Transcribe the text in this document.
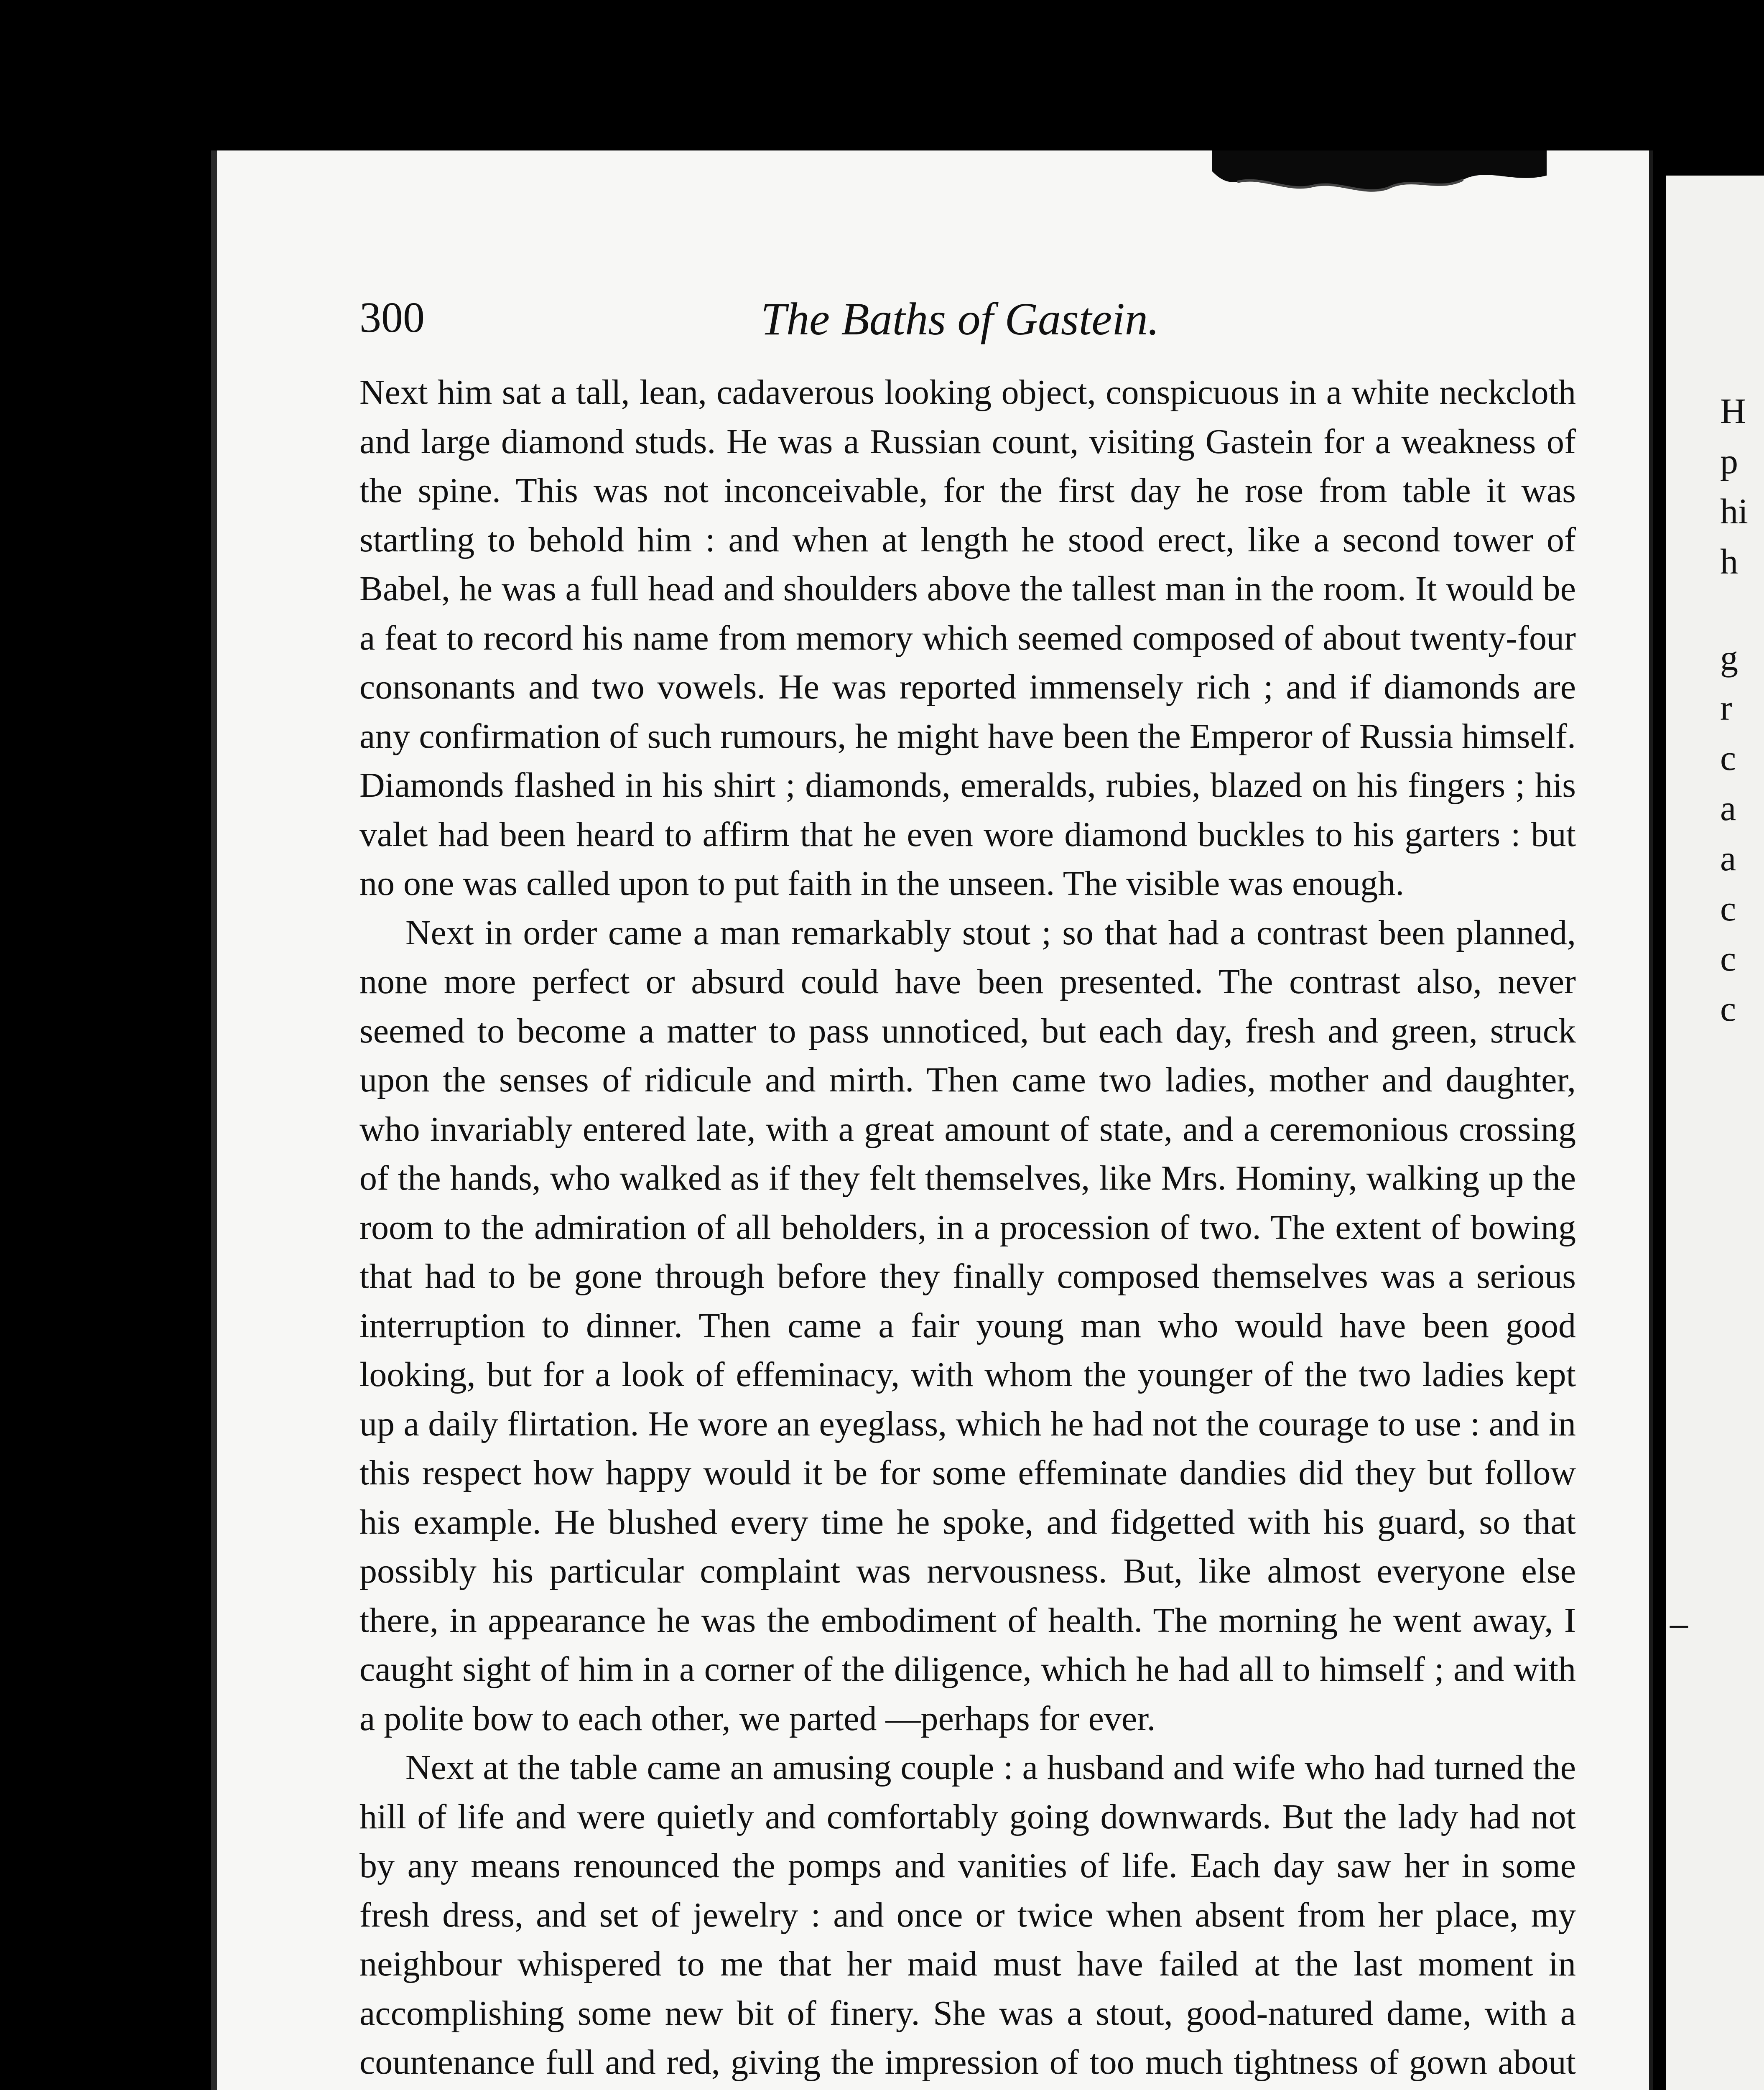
H
p
hi
h
g
r
c
a
a
c
c
c
–
300	The Baths of Gastein.

Next him sat a tall, lean, cadaverous looking object, conspicuous in a white neckcloth and large diamond studs. He was a Russian count, visiting Gastein for a weakness of the spine. This was not inconceivable, for the first day he rose from table it was startling to behold him : and when at length he stood erect, like a second tower of Babel, he was a full head and shoulders above the tallest man in the room. It would be a feat to record his name from memory which seemed composed of about twenty-four consonants and two vowels. He was reported immensely rich ; and if diamonds are any confirmation of such rumours, he might have been the Emperor of Russia himself. Diamonds flashed in his shirt ; diamonds, emeralds, rubies, blazed on his fingers ; his valet had been heard to affirm that he even wore diamond buckles to his garters : but no one was called upon to put faith in the unseen. The visible was enough.

Next in order came a man remarkably stout ; so that had a contrast been planned, none more perfect or absurd could have been presented. The contrast also, never seemed to become a matter to pass unnoticed, but each day, fresh and green, struck upon the senses of ridicule and mirth. Then came two ladies, mother and daughter, who invariably entered late, with a great amount of state, and a ceremonious crossing of the hands, who walked as if they felt themselves, like Mrs. Hominy, walking up the room to the admiration of all beholders, in a procession of two. The extent of bowing that had to be gone through before they finally composed themselves was a serious interruption to dinner. Then came a fair young man who would have been good looking, but for a look of effeminacy, with whom the younger of the two ladies kept up a daily flirtation. He wore an eyeglass, which he had not the courage to use : and in this respect how happy would it be for some effeminate dandies did they but follow his example. He blushed every time he spoke, and fidgetted with his guard, so that possibly his particular complaint was nervousness. But, like almost everyone else there, in appearance he was the embodiment of health. The morning he went away, I caught sight of him in a corner of the diligence, which he had all to himself ; and with a polite bow to each other, we parted —perhaps for ever.

Next at the table came an amusing couple : a husband and wife who had turned the hill of life and were quietly and comfortably going downwards. But the lady had not by any means renounced the pomps and vanities of life. Each day saw her in some fresh dress, and set of jewelry : and once or twice when absent from her place, my neighbour whispered to me that her maid must have failed at the last moment in accomplishing some new bit of finery. She was a stout, good-natured dame, with a countenance full and red, giving the impression of too much tightness of gown about
